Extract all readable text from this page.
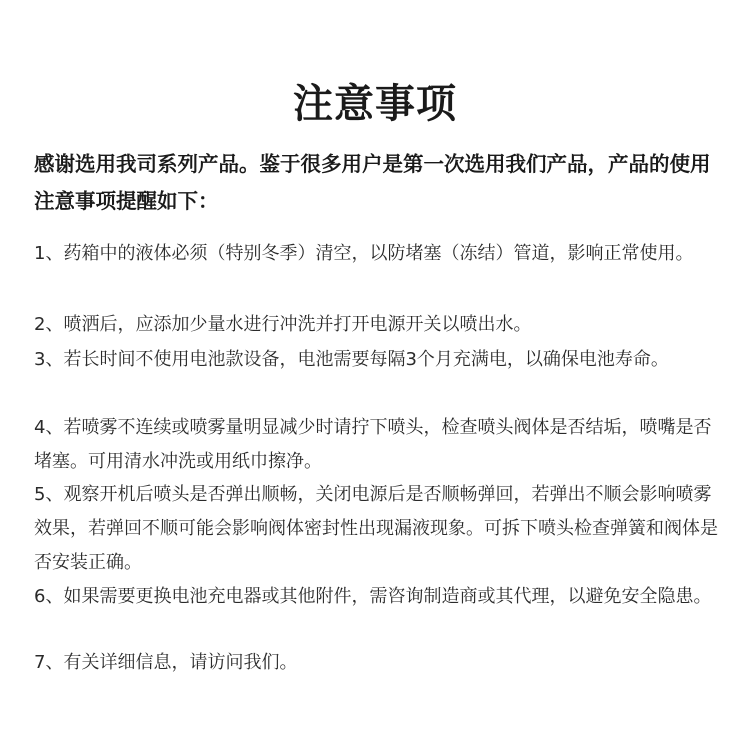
注意事项
感谢选用我司系列产品。鉴于很多用户是第一次选用我们产品，产品的使用注意事项提醒如下：
1、药箱中的液体必须（特别冬季）清空，以防堵塞（冻结）管道，影响正常使用。
2、喷洒后，应添加少量水进行冲洗并打开电源开关以喷出水。
3、若长时间不使用电池款设备，电池需要每隔3个月充满电，以确保电池寿命。
4、若喷雾不连续或喷雾量明显减少时请拧下喷头，检查喷头阀体是否结垢，喷嘴是否堵塞。可用清水冲洗或用纸巾擦净。
5、观察开机后喷头是否弹出顺畅，关闭电源后是否顺畅弹回，若弹出不顺会影响喷雾效果，若弹回不顺可能会影响阀体密封性出现漏液现象。可拆下喷头检查弹簧和阀体是否安装正确。
6、如果需要更换电池充电器或其他附件，需咨询制造商或其代理，以避免安全隐患。
7、有关详细信息，请访问我们。
